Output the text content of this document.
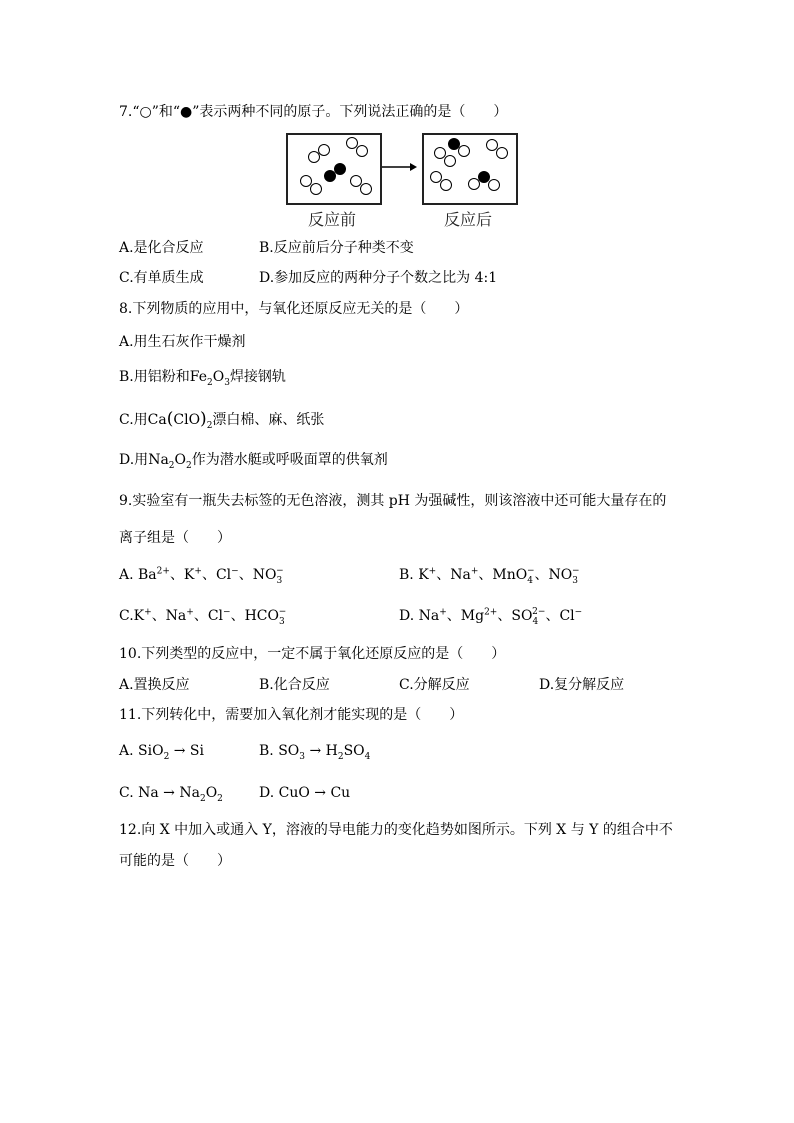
7.“○”和“●”表示两种不同的原子。下列说法正确的是（　　）
反应前	反应后
A.是化合反应	B.反应前后分子种类不变
C.有单质生成	D.参加反应的两种分子个数之比为 4:1
8.下列物质的应用中，与氧化还原反应无关的是（　　）
A.用生石灰作干燥剂
B.用铝粉和$Fe_2O_3$焊接钢轨
C.用$Ca(ClO)_2$漂白棉、麻、纸张
D.用$Na_2O_2$作为潜水艇或呼吸面罩的供氧剂
9.实验室有一瓶失去标签的无色溶液，测其 pH 为强碱性，则该溶液中还可能大量存在的
离子组是（　　）
A. $Ba^{2+}$、K+、Cl−、$NO_3^-$	B. K+、Na+、MnO$_4$−、$NO_3^-$
C.K+、Na+、Cl−、$HCO_3^-$	D. Na+、$Mg^{2+}$、$SO_4^{2-}$、Cl−
10.下列类型的反应中，一定不属于氧化还原反应的是（　　）
A.置换反应	B.化合反应	C.分解反应	D.复分解反应
11.下列转化中，需要加入氧化剂才能实现的是（　　）
A. SiO$_2$ → Si	B. $SO_3 \to H_2SO_4$
C. $Na \to Na_2O_2$	D. CuO → Cu
12.向 X 中加入或通入 Y，溶液的导电能力的变化趋势如图所示。下列 X 与 Y 的组合中不
可能的是（　　）
